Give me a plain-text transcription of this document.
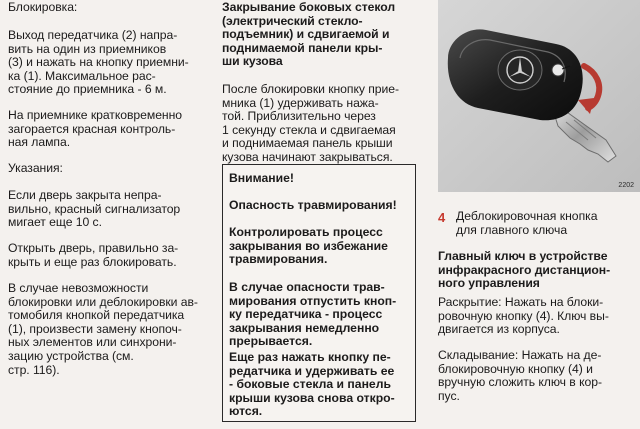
Блокировка:

Выход передатчика (2) напра-
вить на один из приемников
(3) и нажать на кнопку приемни-
ка (1). Максимальное рас-
стояние до приемника - 6 м.

На приемнике кратковременно
загорается красная контроль-
ная лампа.

Указания:

Если дверь закрыта непра-
вильно, красный сигнализатор
мигает еще 10 с.

Открыть дверь, правильно за-
крыть и еще раз блокировать.

В случае невозможности
блокировки или деблокировки ав-
томобиля кнопкой передатчика
(1), произвести замену кнопоч-
ных элементов или синхрони-
зацию устройства (см.
стр. 116).

Закрывание боковых стекол
(электрический стекло-
подъемник) и сдвигаемой и
поднимаемой панели кры-
ши кузова

После блокировки кнопку прие-
мника (1) удерживать нажа-
той. Приблизительно через
1 секунду стекла и сдвигаемая
и поднимаемая панель крыши
кузова начинают закрываться.

Внимание!

Опасность травмирования!

Контролировать процесс
закрывания во избежание
травмирования.

В случае опасности трав-
мирования отпустить кноп-
ку передатчика - процесс
закрывания немедленно
прерывается.

Еще раз нажать кнопку пе-
редатчика и удерживать ее
- боковые стекла и панель
крыши кузова снова откро-
ются.

4
2202
4 Деблокировочная кнопка
для главного ключа

Главный ключ в устройстве
инфракрасного дистанцион-
ного управления

Раскрытие: Нажать на блоки-
ровочную кнопку (4). Ключ вы-
двигается из корпуса.

Складывание: Нажать на де-
блокировочную кнопку (4) и
вручную сложить ключ в кор-
пус.
